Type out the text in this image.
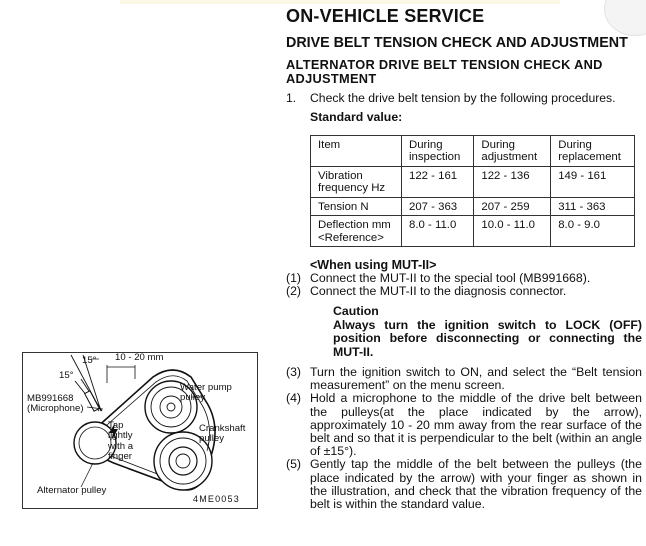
15°
15°
10 - 20 mm
MB991668
(Microphone)
Water pump
pulley
Tap
lightly
with a
finger
Crankshaft
pulley
Alternator pulley
4ME0053
ON-VEHICLE SERVICE
DRIVE BELT TENSION CHECK AND ADJUSTMENT
ALTERNATOR DRIVE BELT TENSION CHECK AND ADJUSTMENT
1.	Check the drive belt tension by the following procedures.
Standard value:
Item	During inspection	During adjustment	During replacement
Vibration frequency Hz	122 - 161	122 - 136	149 - 161
Tension N	207 - 363	207 - 259	311 - 363
Deflection mm <Reference>	8.0 - 11.0	10.0 - 11.0	8.0 - 9.0
<When using MUT-II>
(1) Connect the MUT-II to the special tool (MB991668).
(2) Connect the MUT-II to the diagnosis connector.
Caution
Always turn the ignition switch to LOCK (OFF) position before disconnecting or connecting the MUT-II.
(3) Turn the ignition switch to ON, and select the “Belt tension measurement” on the menu screen.
(4) Hold a microphone to the middle of the drive belt between the pulleys(at the place indicated by the arrow), approximately 10 - 20 mm away from the rear surface of the belt and so that it is perpendicular to the belt (within an angle of ±15°).
(5) Gently tap the middle of the belt between the pulleys (the place indicated by the arrow) with your finger as shown in the illustration, and check that the vibration frequency of the belt is within the standard value.
